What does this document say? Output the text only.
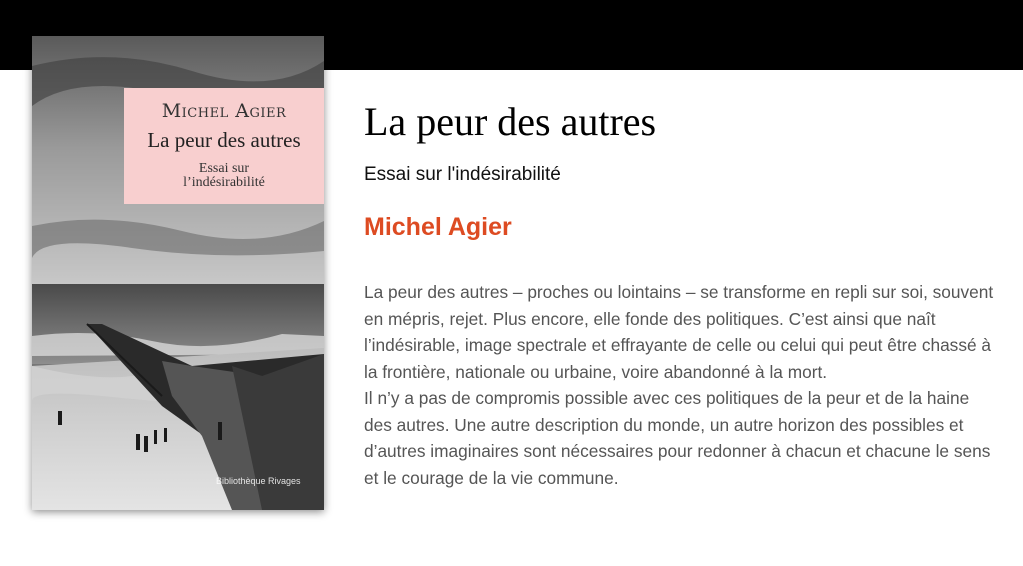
Michel Agier
La peur des autres
Essai sur
l’indésirabilité
Bibliothèque Rivages
La peur des autres
Essai sur l'indésirabilité
Michel Agier

La peur des autres – proches ou lointains – se transforme en repli sur soi, souvent en mépris, rejet. Plus encore, elle fonde des politiques. C’est ainsi que naît l’indésirable, image spectrale et effrayante de celle ou celui qui peut être chassé à la frontière, nationale ou urbaine, voire abandonné à la mort.

Il n’y a pas de compromis possible avec ces politiques de la peur et de la haine des autres. Une autre description du monde, un autre horizon des possibles et d’autres imaginaires sont nécessaires pour redonner à chacun et chacune le sens et le courage de la vie commune.
